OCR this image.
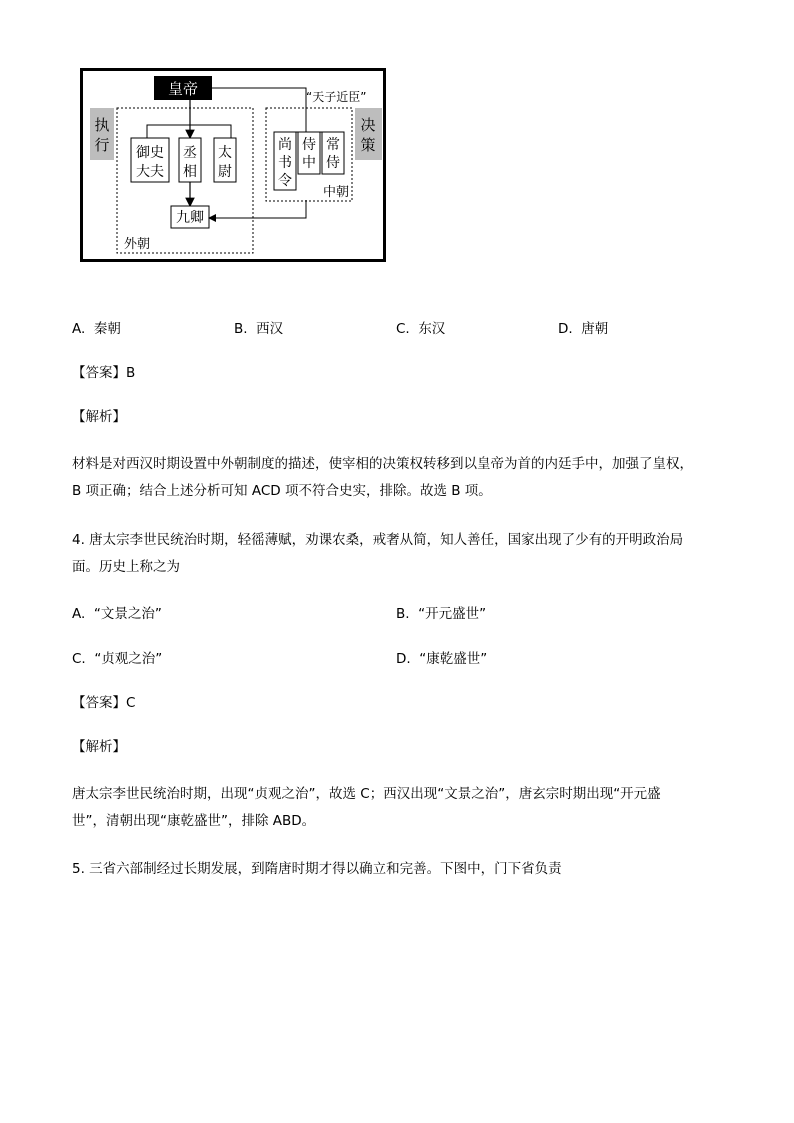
皇帝	“天子近臣”
执
行
决
策
外朝
中朝
御史
大夫
丞
相
太
尉
九卿
尚
书
令
侍
中
常
侍
A. 秦朝	B. 西汉	C. 东汉	D. 唐朝
【答案】B
【解析】
材料是对西汉时期设置中外朝制度的描述，使宰相的决策权转移到以皇帝为首的内廷手中，加强了皇权，
B 项正确；结合上述分析可知 ACD 项不符合史实，排除。故选 B 项。
4. 唐太宗李世民统治时期，轻徭薄赋，劝课农桑，戒奢从简，知人善任，国家出现了少有的开明政治局
面。历史上称之为
A. “文景之治”	B. “开元盛世”
C. “贞观之治”	D. “康乾盛世”
【答案】C
【解析】
唐太宗李世民统治时期，出现“贞观之治”，故选 C；西汉出现“文景之治”，唐玄宗时期出现“开元盛
世”，清朝出现“康乾盛世”，排除 ABD。
5. 三省六部制经过长期发展，到隋唐时期才得以确立和完善。下图中，门下省负责
